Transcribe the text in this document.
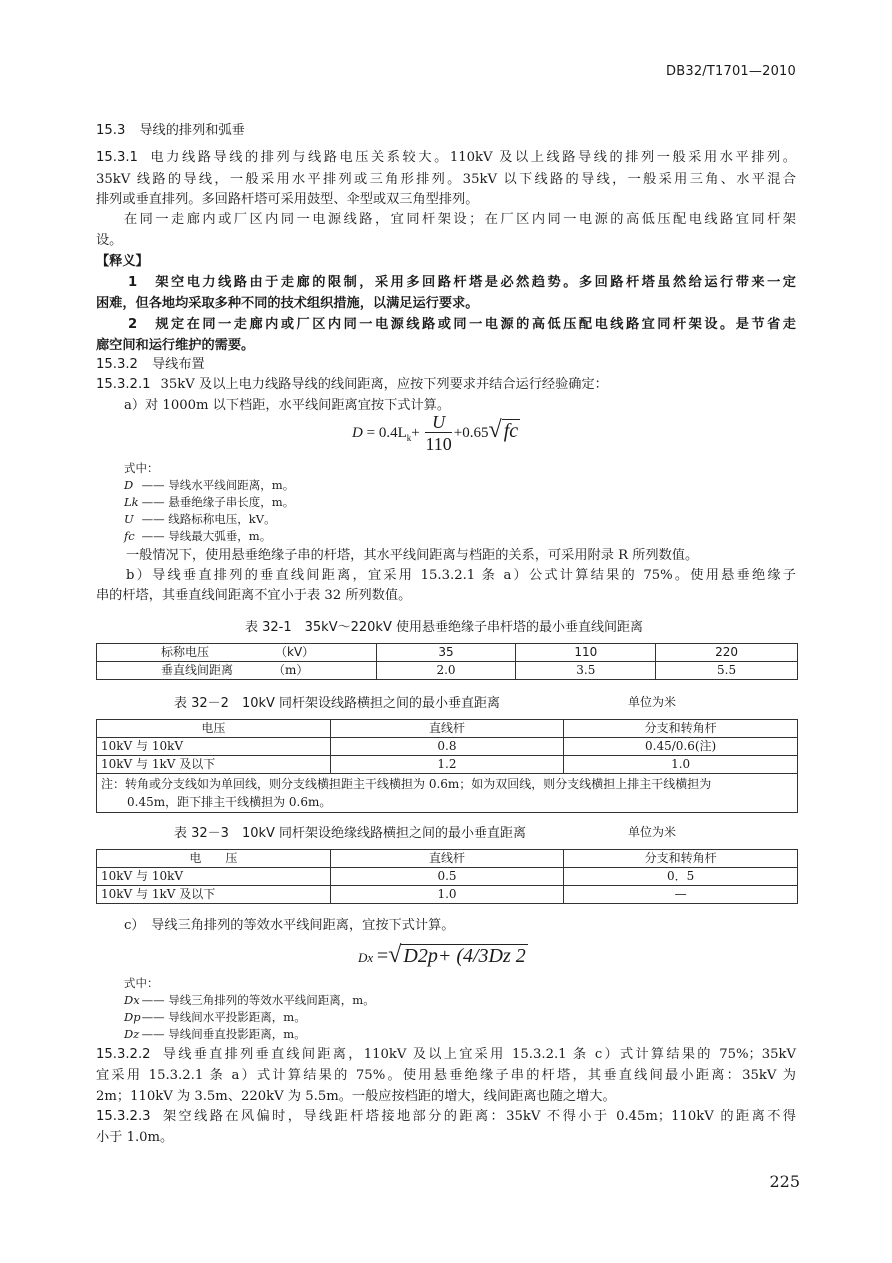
DB32/T1701—2010
15.3 导线的排列和弧垂
15.3.1 电力线路导线的排列与线路电压关系较大。110kV 及以上线路导线的排列一般采用水平排列。
35kV 线路的导线，一般采用水平排列或三角形排列。35kV 以下线路的导线，一般采用三角、水平混合
排列或垂直排列。多回路杆塔可采用鼓型、伞型或双三角型排列。
在同一走廊内或厂区内同一电源线路，宜同杆架设；在厂区内同一电源的高低压配电线路宜同杆架
设。
【释义】
1　架空电力线路由于走廊的限制，采用多回路杆塔是必然趋势。多回路杆塔虽然给运行带来一定
困难，但各地均采取多种不同的技术组织措施，以满足运行要求。
2　规定在同一走廊内或厂区内同一电源线路或同一电源的高低压配电线路宜同杆架设。是节省走
廊空间和运行维护的需要。
15.3.2 导线布置
15.3.2.1 35kV 及以上电力线路导线的线间距离，应按下列要求并结合运行经验确定：
a）对 1000m 以下档距，水平线间距离宜按下式计算。
$D = 0.4L_k+ \frac{U}{110} +0.65√$ fc
式中：
D —— 导线水平线间距离，m。
Lk —— 悬垂绝缘子串长度，m。
U —— 线路标称电压，kV。
fc —— 导线最大弧垂，m。
一般情况下，使用悬垂绝缘子串的杆塔，其水平线间距离与档距的关系，可采用附录 R 所列数值。
b）导线垂直排列的垂直线间距离，宜采用 15.3.2.1 条 a）公式计算结果的 75%。使用悬垂绝缘子
串的杆塔，其垂直线间距离不宜小于表 32 所列数值。
表 32-1　35kV～220kV 使用悬垂绝缘子串杆塔的最小垂直线间距离
标称电压 （kV）	35	110	220
垂直线间距离 （m）	2.0	3.5	5.5
表 32－2　10kV 同杆架设线路横担之间的最小垂直距离	单位为米
电压	直线杆	分支和转角杆
10kV 与 10kV	0.8	0.45/0.6(注)
10kV 与 1kV 及以下	1.2	1.0

注：转角或分支线如为单回线，则分支线横担距主干线横担为 0.6m；如为双回线，则分支线横担上排主干线横担为
0.45m，距下排主干线横担为 0.6m。		
表 32－3　10kV 同杆架设绝缘线路横担之间的最小垂直距离	单位为米
电　　压	直线杆	分支和转角杆
10kV 与 10kV	0.5	0．5
10kV 与 1kV 及以下	1.0	—
c）　导线三角排列的等效水平线间距离，宜按下式计算。
Dx =√ D2p+ (4/3Dz 2
式中：
Dx —— 导线三角排列的等效水平线间距离，m。
Dp —— 导线间水平投影距离，m。
Dz —— 导线间垂直投影距离，m。
15.3.2.2 导线垂直排列垂直线间距离，110kV 及以上宜采用 15.3.2.1 条 c）式计算结果的 75%；35kV
宜采用 15.3.2.1 条 a）式计算结果的 75%。使用悬垂绝缘子串的杆塔，其垂直线间最小距离：35kV 为
2m；110kV 为 3.5m、220kV 为 5.5m。一般应按档距的增大，线间距离也随之增大。
15.3.2.3 架空线路在风偏时，导线距杆塔接地部分的距离：35kV 不得小于 0.45m；110kV 的距离不得
小于 1.0m。
225
